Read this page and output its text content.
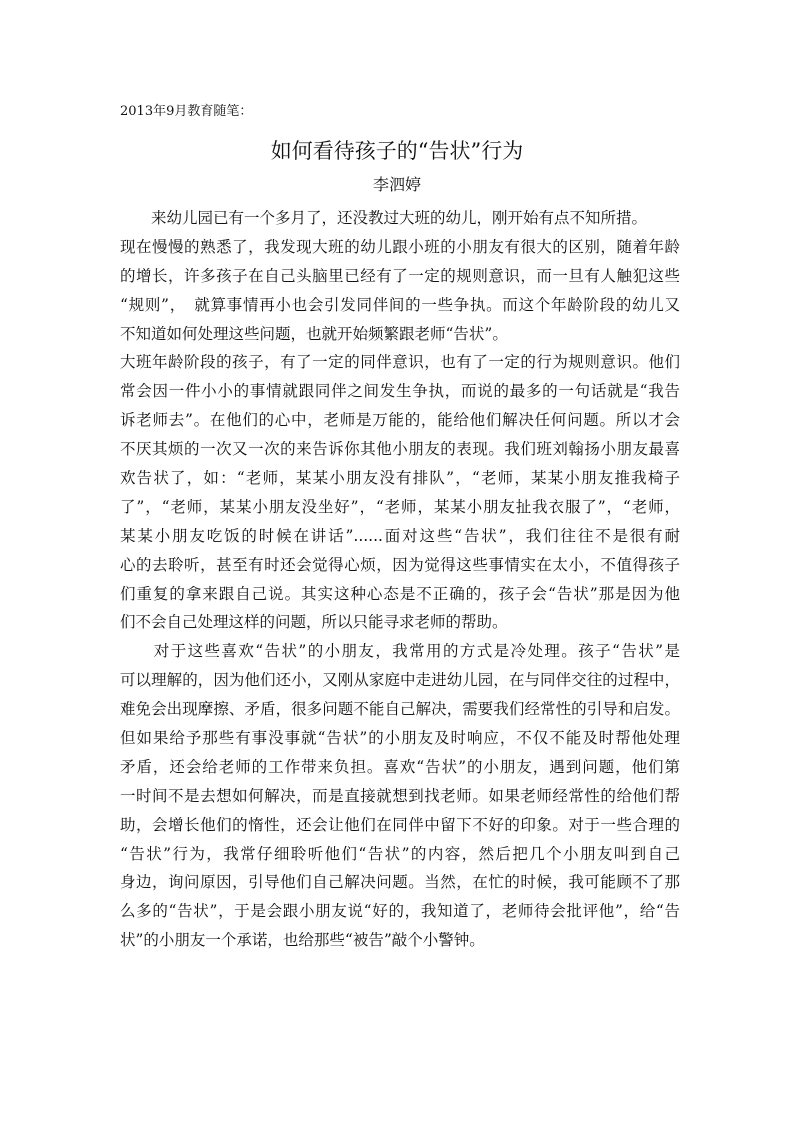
2013年9月教育随笔：
如何看待孩子的“告状”行为
李泗婷
　　来幼儿园已有一个多月了，还没教过大班的幼儿，刚开始有点不知所措。
现在慢慢的熟悉了，我发现大班的幼儿跟小班的小朋友有很大的区别，随着年龄
的增长，许多孩子在自己头脑里已经有了一定的规则意识，而一旦有人触犯这些
“规则”，　就算事情再小也会引发同伴间的一些争执。而这个年龄阶段的幼儿又
不知道如何处理这些问题，也就开始频繁跟老师“告状”。
大班年龄阶段的孩子，有了一定的同伴意识，也有了一定的行为规则意识。他们
常会因一件小小的事情就跟同伴之间发生争执，而说的最多的一句话就是“我告
诉老师去”。在他们的心中，老师是万能的，能给他们解决任何问题。所以才会
不厌其烦的一次又一次的来告诉你其他小朋友的表现。我们班刘翰扬小朋友最喜
欢告状了，如：“老师，某某小朋友没有排队”，“老师，某某小朋友推我椅子
了”，“老师，某某小朋友没坐好”，“老师，某某小朋友扯我衣服了”，“老师，
某某小朋友吃饭的时候在讲话”......面对这些“告状”，我们往往不是很有耐
心的去聆听，甚至有时还会觉得心烦，因为觉得这些事情实在太小，不值得孩子
们重复的拿来跟自己说。其实这种心态是不正确的，孩子会“告状”那是因为他
们不会自己处理这样的问题，所以只能寻求老师的帮助。
　　对于这些喜欢“告状”的小朋友，我常用的方式是冷处理。孩子“告状”是
可以理解的，因为他们还小，又刚从家庭中走进幼儿园，在与同伴交往的过程中，
难免会出现摩擦、矛盾，很多问题不能自己解决，需要我们经常性的引导和启发。
但如果给予那些有事没事就“告状”的小朋友及时响应，不仅不能及时帮他处理
矛盾，还会给老师的工作带来负担。喜欢“告状”的小朋友，遇到问题，他们第
一时间不是去想如何解决，而是直接就想到找老师。如果老师经常性的给他们帮
助，会增长他们的惰性，还会让他们在同伴中留下不好的印象。对于一些合理的
“告状”行为，我常仔细聆听他们“告状”的内容，然后把几个小朋友叫到自己
身边，询问原因，引导他们自己解决问题。当然，在忙的时候，我可能顾不了那
么多的“告状”，于是会跟小朋友说“好的，我知道了，老师待会批评他”，给“告
状”的小朋友一个承诺，也给那些“被告”敲个小警钟。
